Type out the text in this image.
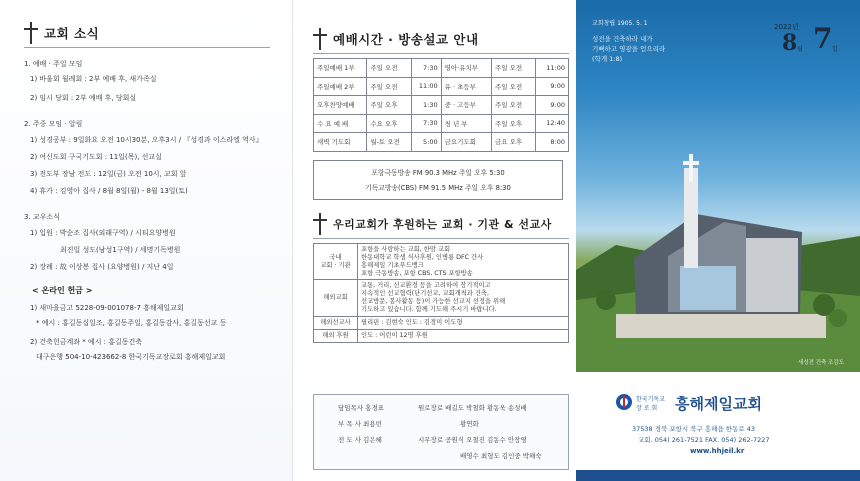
교회 소식
1. 예배 · 주일 모임
1) 바울회 월례회 : 2부 예배 후, 새가족실
2) 임시 당회 : 2부 예배 후, 당회실
2. 주중 모임 · 알림
1) 성경공부 : 9일화요 오전 10시30분, 오후3시 / 『성경과 이스라엘 역사』
2) 여신도회 구국기도회 : 11일(목), 선교실
3) 전도부 장남 전도 : 12일(금) 오전 10시, 교회 앞
4) 휴가 : 김영아 집사 / 8월 8일(월) - 8월 13일(토)
3. 교우소식
1) 입원 : 박순조 집사(외래구역) / 시티요양병원
최진일 성도(남성1구역) / 세명기독병원
2) 장례 : 故 이상봉 집사 (요양병원) / 지난 4일
< 온라인 헌금 >
1) 새마을금고 5228-09-001078-7 흥해제일교회
* 예시 : 홍길동십일조, 홍길동주일, 홍길동감사, 홍길동선교 등
2) 건축헌금계좌 * 예시 : 홍길동건축
대구은행 504-10-423662-8 한국기독교장로회 흥해제일교회
예배시간 · 방송설교 안내
주일예배 1부	주일 오전	7:30	영아·유치부	주일 오전	11:00
주일예배 2부	주일 오전	11:00	유 · 초등부	주일 오전	9:00
오후찬양예배	주일 오후	1:30	중 · 고등부	주일 오전	9:00
수 요 예 배	수요 오후	7:30	청 년 부	주일 오후	12:40
새벽 기도회	월-토 오전	5:00	금요기도회	금요 오후	8:00
포항극동방송 FM 90.3 MHz 주일 오후 5:30
기독교방송(CBS) FM 91.5 MHz 주일 오후 8:30
우리교회가 후원하는 교회 · 기관 & 선교사
국내
교회 · 기관	포항을 사랑하는 교회, 한맘 교회
한동대학교 학생 식사후원, 인병룡 DFC 간사
흥해제일 기초푸드뱅크
포항 극동방송, 포항 CBS, CTS 포항방송

해외교회	교통, 거리, 선교환경 등을 고려하여 장기적이고
지속적인 선교협력(단기선교, 교회개척과 건축,
선교방문, 봉사활동 등)이 가능한 선교지 선정을 위해
기도하고 있습니다. 함께 기도해 주시기 바랍니다.

해외선교사	필리핀 : 김현숙 인도 : 김경미 이도형

해외 후원	인도 : 어린이 12명 후원
담임목사 홍경표
부 목 사 최용빈
전 도 사 김은혜
원로장로 배길도 박철화 황동욱 송성배
황연화
시무장로 공원식 오철진 김동수 안장영
배영수 최형도 김인중 박해숙
교회창립 1905. 5. 1
성전을 건축하라 내가
기뻐하고 영광을 얻으리라
(학개 1:8)
2022년
8 월 7 일
새성전 건축 조감도
한국기독교
장 로 회 흥해제일교회
37538 경북 포항시 북구 흥해읍 한동로 43
교회. 054) 261-7521 FAX. 054) 262-7227
www.hhjeil.kr
